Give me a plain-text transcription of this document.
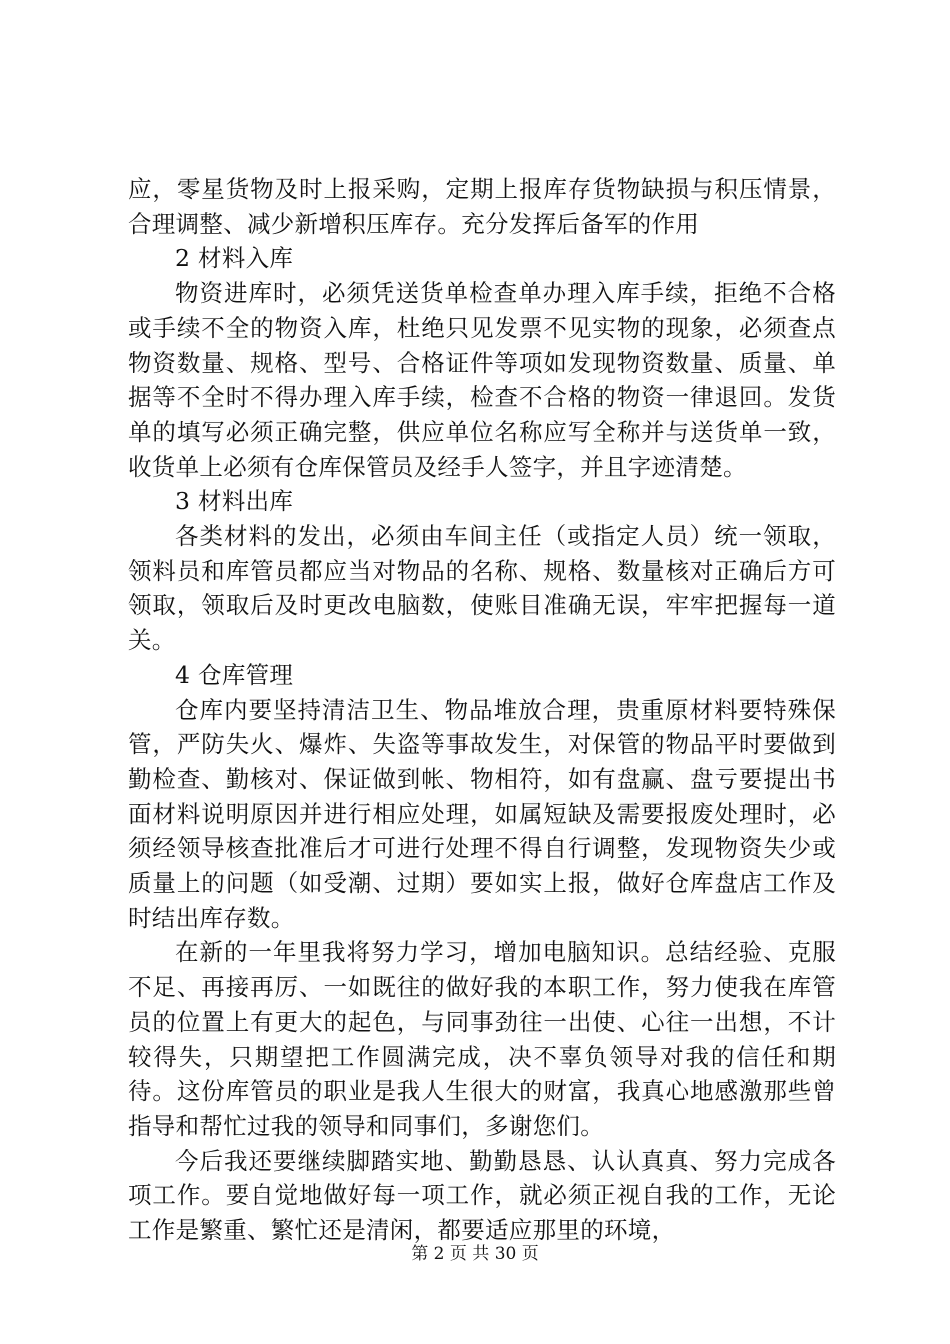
应，零星货物及时上报采购，定期上报库存货物缺损与积压情景，合理调整、减少新增积压库存。充分发挥后备军的作用

2 材料入库

物资进库时，必须凭送货单检查单办理入库手续，拒绝不合格或手续不全的物资入库，杜绝只见发票不见实物的现象，必须查点物资数量、规格、型号、合格证件等项如发现物资数量、质量、单据等不全时不得办理入库手续，检查不合格的物资一律退回。发货单的填写必须正确完整，供应单位名称应写全称并与送货单一致，收货单上必须有仓库保管员及经手人签字，并且字迹清楚。

3 材料出库

各类材料的发出，必须由车间主任（或指定人员）统一领取，领料员和库管员都应当对物品的名称、规格、数量核对正确后方可领取，领取后及时更改电脑数，使账目准确无误，牢牢把握每一道关。

4 仓库管理

仓库内要坚持清洁卫生、物品堆放合理，贵重原材料要特殊保管，严防失火、爆炸、失盗等事故发生，对保管的物品平时要做到勤检查、勤核对、保证做到帐、物相符，如有盘赢、盘亏要提出书面材料说明原因并进行相应处理，如属短缺及需要报废处理时，必须经领导核查批准后才可进行处理不得自行调整，发现物资失少或质量上的问题（如受潮、过期）要如实上报，做好仓库盘店工作及时结出库存数。

在新的一年里我将努力学习，增加电脑知识。总结经验、克服不足、再接再厉、一如既往的做好我的本职工作，努力使我在库管员的位置上有更大的起色，与同事劲往一出使、心往一出想，不计较得失，只期望把工作圆满完成，决不辜负领导对我的信任和期待。这份库管员的职业是我人生很大的财富，我真心地感激那些曾指导和帮忙过我的领导和同事们，多谢您们。

今后我还要继续脚踏实地、勤勤恳恳、认认真真、努力完成各项工作。要自觉地做好每一项工作，就必须正视自我的工作，无论工作是繁重、繁忙还是清闲，都要适应那里的环境，

第 2 页 共 30 页
